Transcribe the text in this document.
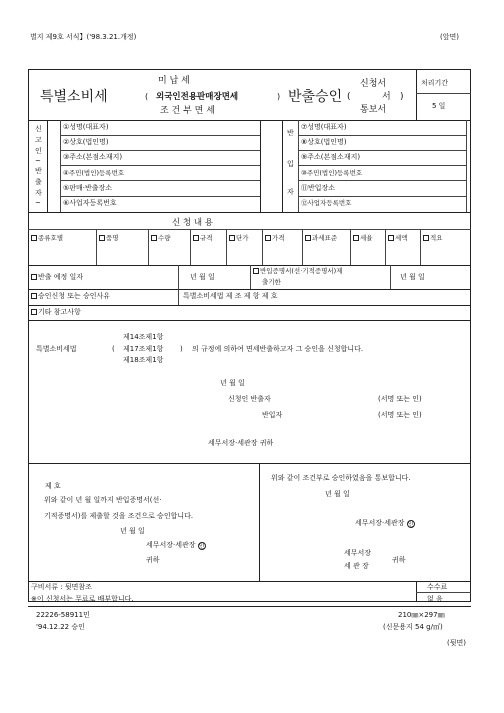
별지 제9호 서식】('98.3.21.개정)	(앞면)
특별소비세	(	)
미 납 세
외국인전용판매장면세
조 건 부 면 세
반출승인 (	)
신청서
서
통보서
처리기간
5 일
신
고
인
~
반
출
자
~
①성명(대표자)
②상호(법인명)
③주소(본점소재지)
④주민(법인)등록번호
⑤판매·반출장소
⑥사업자등록번호
반
입
자
⑦성명(대표자)
⑧상호(법인명)
⑨주소(본점소재지)
⑩주민(법인)등록번호
⑪반입장소
⑫사업자등록번호
신 청 내 용
종류호별	품명	수량	규격	단가	가격	과세표준	세율	세액	적요
반출 예정 일자	년 월 일
반입증명서(선·기적증명서)제
출기한
년 월 일
승인신청 또는 승인사유	특별소비세법 제 조 제 항 제 호
기타 참고사항
제14조제1항
특별소비세법	( 제17조제1항 ) 의 규정에 의하여 면세반출하고자 그 승인을 신청합니다.
제18조제1항
년 월 일
신청인 반출자	(서명 또는 인)
반입자	(서명 또는 인)
세무서장·세관장 귀하
제 호
위와 같이 년 월 일까지 반입증명서(선·
기적증명서)를 제출할 것을 조건으로 승인합니다.
년 월 일
세무서장·세관장 인
귀하
위와 같이 조건부로 승인하였음을 통보합니다.
년 월 일
세무서장·세관장 인
세무서장
세 관 장
귀하
구비서류 : 뒷면참조
※이 신청서는 무료로 배부합니다.
수수료
없 음
22226-58911민
'94.12.22 승인
210㎜×297㎜
(신문용지 54 g/㎡)
(뒷면)
